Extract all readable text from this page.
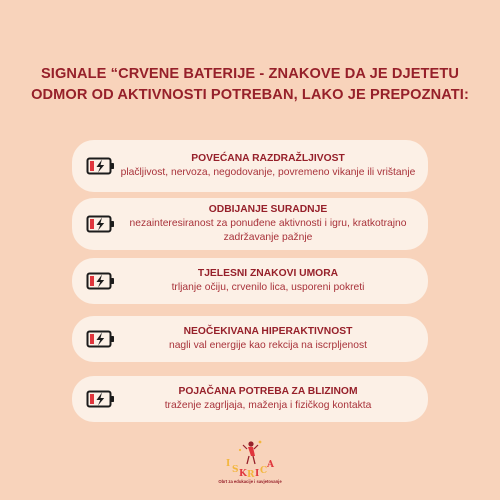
SIGNALE “CRVENE BATERIJE - ZNAKOVE DA JE DJETETU
ODMOR OD AKTIVNOSTI POTREBAN, LAKO JE PREPOZNATI:
POVEĆANA RAZDRAŽLJIVOST
plačljivost, nervoza, negodovanje, povremeno vikanje ili vrištanje
ODBIJANJE SURADNJE
nezainteresiranost za ponuđene aktivnosti i igru, kratkotrajno zadržavanje pažnje
TJELESNI ZNAKOVI UMORA
trljanje očiju, crvenilo lica, usporeni pokreti
NEOČEKIVANA HIPERAKTIVNOST
nagli val energije kao rekcija na iscrpljenost
POJAČANA POTREBA ZA BLIZINOM
traženje zagrljaja, maženja i fizičkog kontakta
I
S K R I C
A
Obrt za edukacije i savjetovanje
